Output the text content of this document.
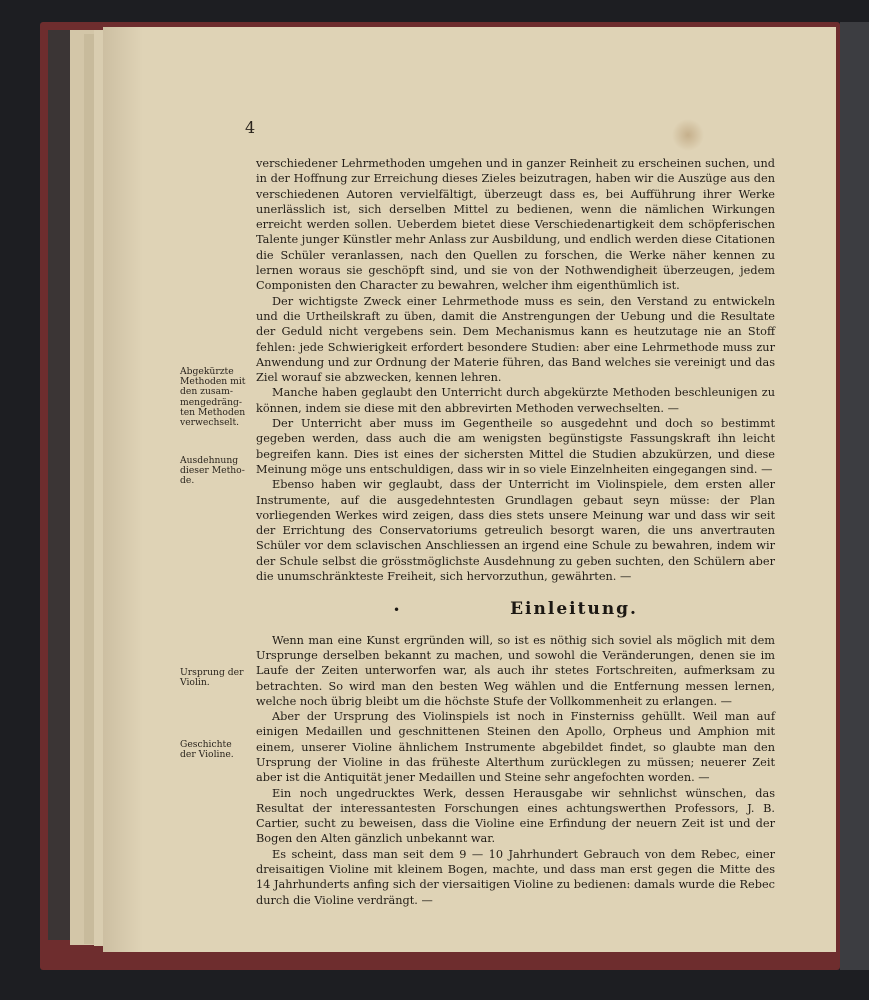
4
Abgekürzte
Methoden mit
den zusam-
mengedräng-
ten Methoden
verwechselt.
Ausdehnung
dieser Metho-
de.
Ursprung der
Violin.
Geschichte
der Violine.

verschiedener Lehrmethoden umgehen und in ganzer Reinheit zu erscheinen suchen, und in der Hoffnung zur Erreichung dieses Zieles beizutragen, haben wir die Auszüge aus den verschiedenen Autoren vervielfältigt, überzeugt dass es, bei Aufführung ihrer Werke unerlässlich ist, sich derselben Mittel zu bedienen, wenn die nämlichen Wirkungen erreicht werden sollen. Ueberdem bietet diese Verschiedenartigkeit dem schöpferischen Talente junger Künstler mehr Anlass zur Ausbildung, und endlich werden diese Citationen die Schüler veranlassen, nach den Quellen zu forschen, die Werke näher kennen zu lernen woraus sie geschöpft sind, und sie von der Nothwendigheit überzeugen, jedem Componisten den Character zu bewahren, welcher ihm eigenthümlich ist.

Der wichtigste Zweck einer Lehrmethode muss es sein, den Verstand zu entwickeln und die Urtheilskraft zu üben, damit die Anstrengungen der Uebung und die Resultate der Geduld nicht vergebens sein. Dem Mechanismus kann es heutzutage nie an Stoff fehlen: jede Schwierigkeit erfordert besondere Studien: aber eine Lehrmethode muss zur Anwendung und zur Ordnung der Materie führen, das Band welches sie vereinigt und das Ziel worauf sie abzwecken, kennen lehren.

Manche haben geglaubt den Unterricht durch abgekürzte Methoden beschleunigen zu können, indem sie diese mit den abbrevirten Methoden verwechselten. —

Der Unterricht aber muss im Gegentheile so ausgedehnt und doch so bestimmt gegeben werden, dass auch die am wenigsten begünstigste Fassungskraft ihn leicht begreifen kann. Dies ist eines der sichersten Mittel die Studien abzukürzen, und diese Meinung möge uns entschuldigen, dass wir in so viele Einzelnheiten eingegangen sind. —

Ebenso haben wir geglaubt, dass der Unterricht im Violinspiele, dem ersten aller Instrumente, auf die ausgedehntesten Grundlagen gebaut seyn müsse: der Plan vorliegenden Werkes wird zeigen, dass dies stets unsere Meinung war und dass wir seit der Errichtung des Conservatoriums getreulich besorgt waren, die uns anvertrauten Schüler vor dem sclavischen Anschliessen an irgend eine Schule zu bewahren, indem wir der Schule selbst die grösstmöglichste Ausdehnung zu geben suchten, den Schülern aber die unumschränkteste Freiheit, sich hervorzuthun, gewährten. —

•	Einleitung.

Wenn man eine Kunst ergründen will, so ist es nöthig sich soviel als möglich mit dem Ursprunge derselben bekannt zu machen, und sowohl die Veränderungen, denen sie im Laufe der Zeiten unterworfen war, als auch ihr stetes Fortschreiten, aufmerksam zu betrachten. So wird man den besten Weg wählen und die Entfernung messen lernen, welche noch übrig bleibt um die höchste Stufe der Vollkommenheit zu erlangen. —

Aber der Ursprung des Violinspiels ist noch in Finsterniss gehüllt. Weil man auf einigen Medaillen und geschnittenen Steinen den Apollo, Orpheus und Amphion mit einem, unserer Violine ähnlichem Instrumente abgebildet findet, so glaubte man den Ursprung der Violine in das früheste Alterthum zurücklegen zu müssen; neuerer Zeit aber ist die Antiquität jener Medaillen und Steine sehr angefochten worden. —

Ein noch ungedrucktes Werk, dessen Herausgabe wir sehnlichst wünschen, das Resultat der interessantesten Forschungen eines achtungswerthen Professors, J. B. Cartier, sucht zu beweisen, dass die Violine eine Erfindung der neuern Zeit ist und der Bogen den Alten gänzlich unbekannt war.

Es scheint, dass man seit dem 9 — 10 Jahrhundert Gebrauch von dem Rebec, einer dreisaitigen Violine mit kleinem Bogen, machte, und dass man erst gegen die Mitte des 14 Jahrhunderts anfing sich der viersaitigen Violine zu bedienen: damals wurde die Rebec durch die Violine verdrängt. —
